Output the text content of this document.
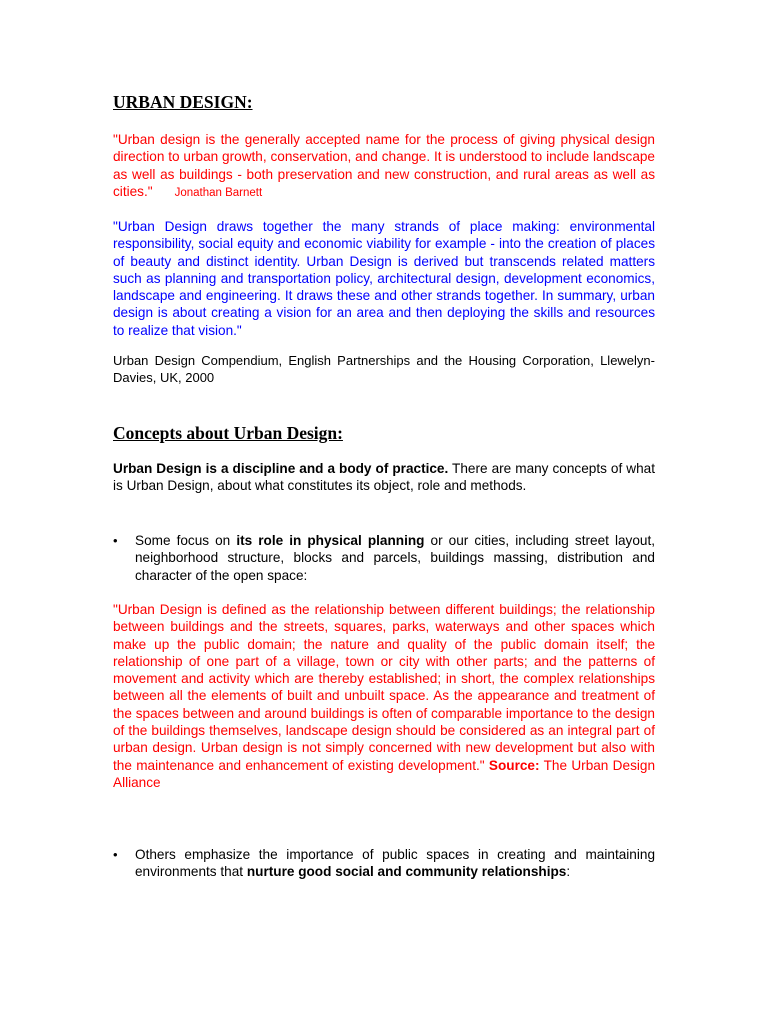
URBAN DESIGN:

"Urban design is the generally accepted name for the process of giving physical design direction to urban growth, conservation, and change. It is understood to include landscape as well as buildings - both preservation and new construction, and rural areas as well as cities." Jonathan Barnett

"Urban Design draws together the many strands of place making: environmental responsibility, social equity and economic viability for example - into the creation of places of beauty and distinct identity. Urban Design is derived but transcends related matters such as planning and transportation policy, architectural design, development economics, landscape and engineering. It draws these and other strands together. In summary, urban design is about creating a vision for an area and then deploying the skills and resources to realize that vision."

Urban Design Compendium, English Partnerships and the Housing Corporation, Llewelyn-Davies, UK, 2000

Concepts about Urban Design:

Urban Design is a discipline and a body of practice. There are many concepts of what is Urban Design, about what constitutes its object, role and methods.

•	Some focus on its role in physical planning or our cities, including street layout, neighborhood structure, blocks and parcels, buildings massing, distribution and character of the open space:

"Urban Design is defined as the relationship between different buildings; the relationship between buildings and the streets, squares, parks, waterways and other spaces which make up the public domain; the nature and quality of the public domain itself; the relationship of one part of a village, town or city with other parts; and the patterns of movement and activity which are thereby established; in short, the complex relationships between all the elements of built and unbuilt space. As the appearance and treatment of the spaces between and around buildings is often of comparable importance to the design of the buildings themselves, landscape design should be considered as an integral part of urban design. Urban design is not simply concerned with new development but also with the maintenance and enhancement of existing development." Source: The Urban Design Alliance

•	Others emphasize the importance of public spaces in creating and maintaining environments that nurture good social and community relationships:
